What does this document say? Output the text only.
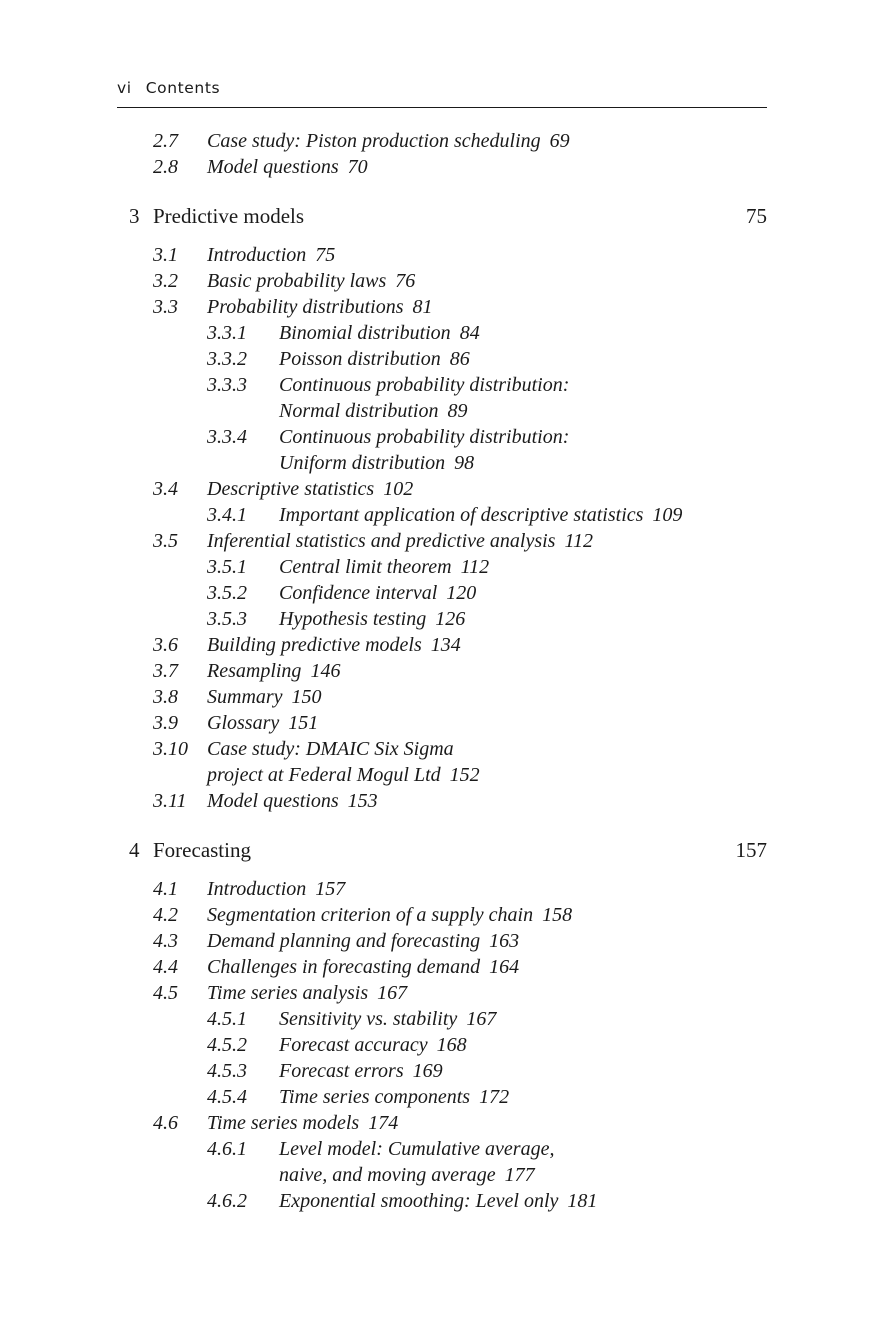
vi Contents
2.7 Case study: Piston production scheduling 69
2.8 Model questions 70
3 Predictive models	75
3.1 Introduction 75
3.2 Basic probability laws 76
3.3 Probability distributions 81
3.3.1 Binomial distribution 84
3.3.2 Poisson distribution 86
3.3.3 Continuous probability distribution:
Normal distribution 89
3.3.4 Continuous probability distribution:
Uniform distribution 98
3.4 Descriptive statistics 102
3.4.1 Important application of descriptive statistics 109
3.5 Inferential statistics and predictive analysis 112
3.5.1 Central limit theorem 112
3.5.2 Confidence interval 120
3.5.3 Hypothesis testing 126
3.6 Building predictive models 134
3.7 Resampling 146
3.8 Summary 150
3.9 Glossary 151
3.10 Case study: DMAIC Six Sigma
project at Federal Mogul Ltd 152
3.11 Model questions 153
4 Forecasting	157
4.1 Introduction 157
4.2 Segmentation criterion of a supply chain 158
4.3 Demand planning and forecasting 163
4.4 Challenges in forecasting demand 164
4.5 Time series analysis 167
4.5.1 Sensitivity vs. stability 167
4.5.2 Forecast accuracy 168
4.5.3 Forecast errors 169
4.5.4 Time series components 172
4.6 Time series models 174
4.6.1 Level model: Cumulative average,
naive, and moving average 177
4.6.2 Exponential smoothing: Level only 181
